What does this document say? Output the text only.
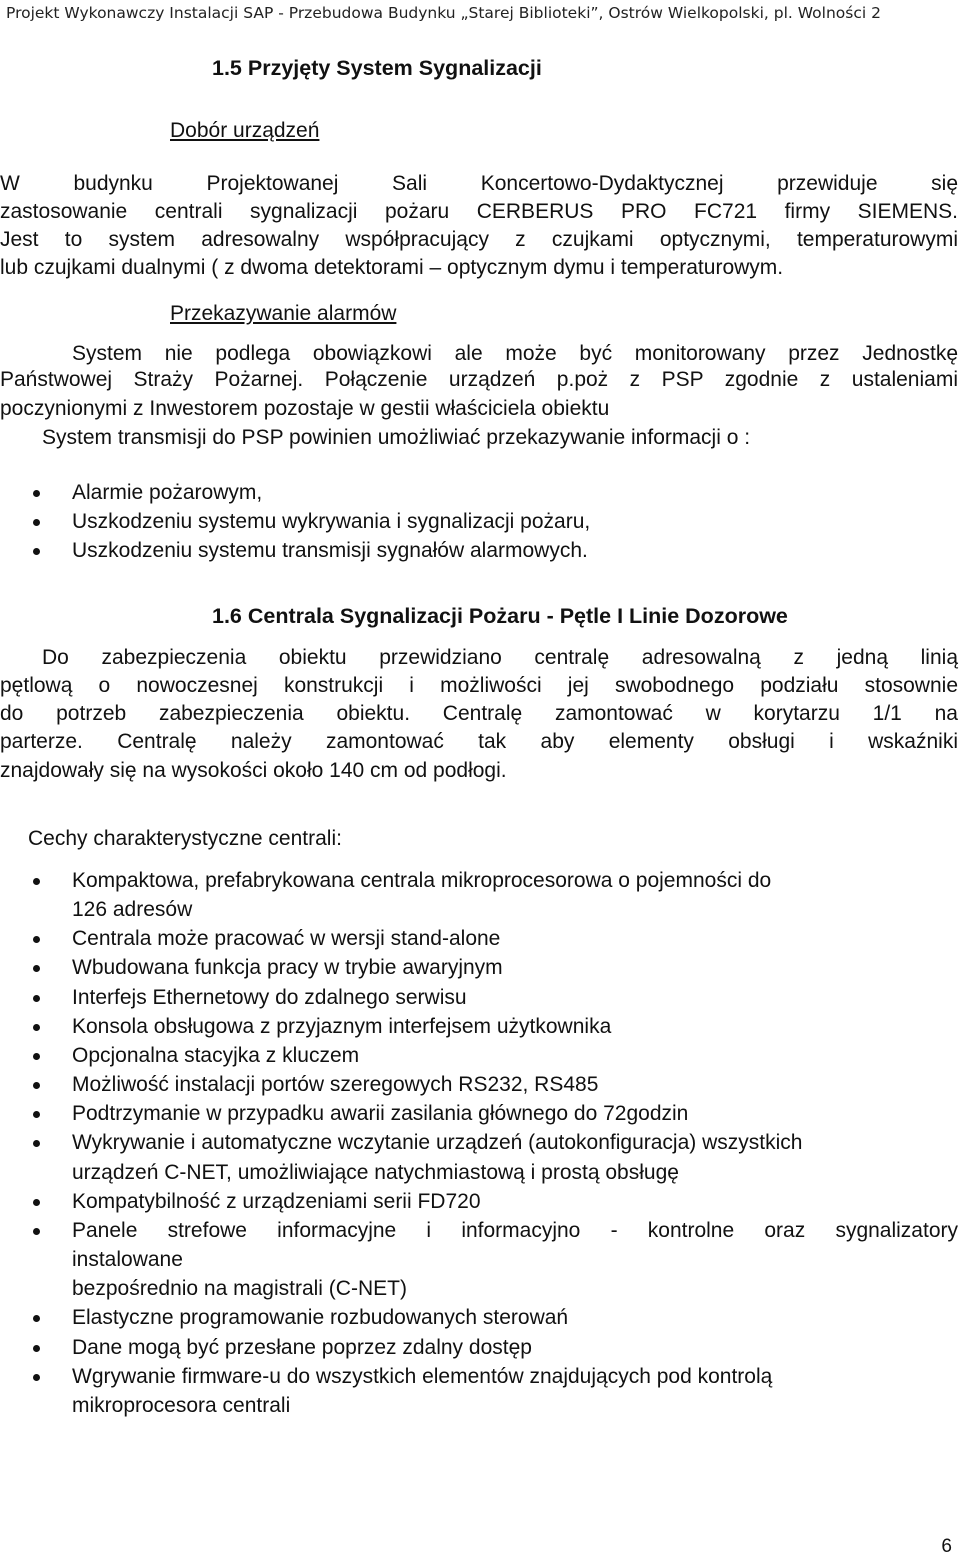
Projekt Wykonawczy Instalacji SAP - Przebudowa Budynku „Starej Biblioteki”, Ostrów Wielkopolski, pl. Wolności 2
1.5 Przyjęty System Sygnalizacji
Dobór urządzeń
W budynku Projektowanej Sali Koncertowo-Dydaktycznej przewiduje się
zastosowanie centrali sygnalizacji pożaru CERBERUS PRO FC721 firmy SIEMENS.
Jest to system adresowalny współpracujący z czujkami optycznymi, temperaturowymi
lub czujkami dualnymi ( z dwoma detektorami – optycznym dymu i temperaturowym.
Przekazywanie alarmów
System nie podlega obowiązkowi ale może być monitorowany przez Jednostkę
Państwowej Straży Pożarnej. Połączenie urządzeń p.poż z PSP zgodnie z ustaleniami
poczynionymi z Inwestorem pozostaje w gestii właściciela obiektu
System transmisji do PSP powinien umożliwiać przekazywanie informacji o :
Alarmie pożarowym,
Uszkodzeniu systemu wykrywania i sygnalizacji pożaru,
Uszkodzeniu systemu transmisji sygnałów alarmowych.
1.6 Centrala Sygnalizacji Pożaru - Pętle I Linie Dozorowe
Do zabezpieczenia obiektu przewidziano centralę adresowalną z jedną linią
pętlową o nowoczesnej konstrukcji i możliwości jej swobodnego podziału stosownie
do potrzeb zabezpieczenia obiektu. Centralę zamontować w korytarzu 1/1 na
parterze. Centralę należy zamontować tak aby elementy obsługi i wskaźniki
znajdowały się na wysokości około 140 cm od podłogi.
Cechy charakterystyczne centrali:
Kompaktowa, prefabrykowana centrala mikroprocesorowa o pojemności do
126 adresów
Centrala może pracować w wersji stand-alone
Wbudowana funkcja pracy w trybie awaryjnym
Interfejs Ethernetowy do zdalnego serwisu
Konsola obsługowa z przyjaznym interfejsem użytkownika
Opcjonalna stacyjka z kluczem
Możliwość instalacji portów szeregowych RS232, RS485
Podtrzymanie w przypadku awarii zasilania głównego do 72godzin
Wykrywanie i automatyczne wczytanie urządzeń (autokonfiguracja) wszystkich
urządzeń C-NET, umożliwiające natychmiastową i prostą obsługę
Kompatybilność z urządzeniami serii FD720
Panele strefowe informacyjne i informacyjno - kontrolne oraz sygnalizatory
instalowane
bezpośrednio na magistrali (C-NET)
Elastyczne programowanie rozbudowanych sterowań
Dane mogą być przesłane poprzez zdalny dostęp
Wgrywanie firmware-u do wszystkich elementów znajdujących pod kontrolą
mikroprocesora centrali
6
